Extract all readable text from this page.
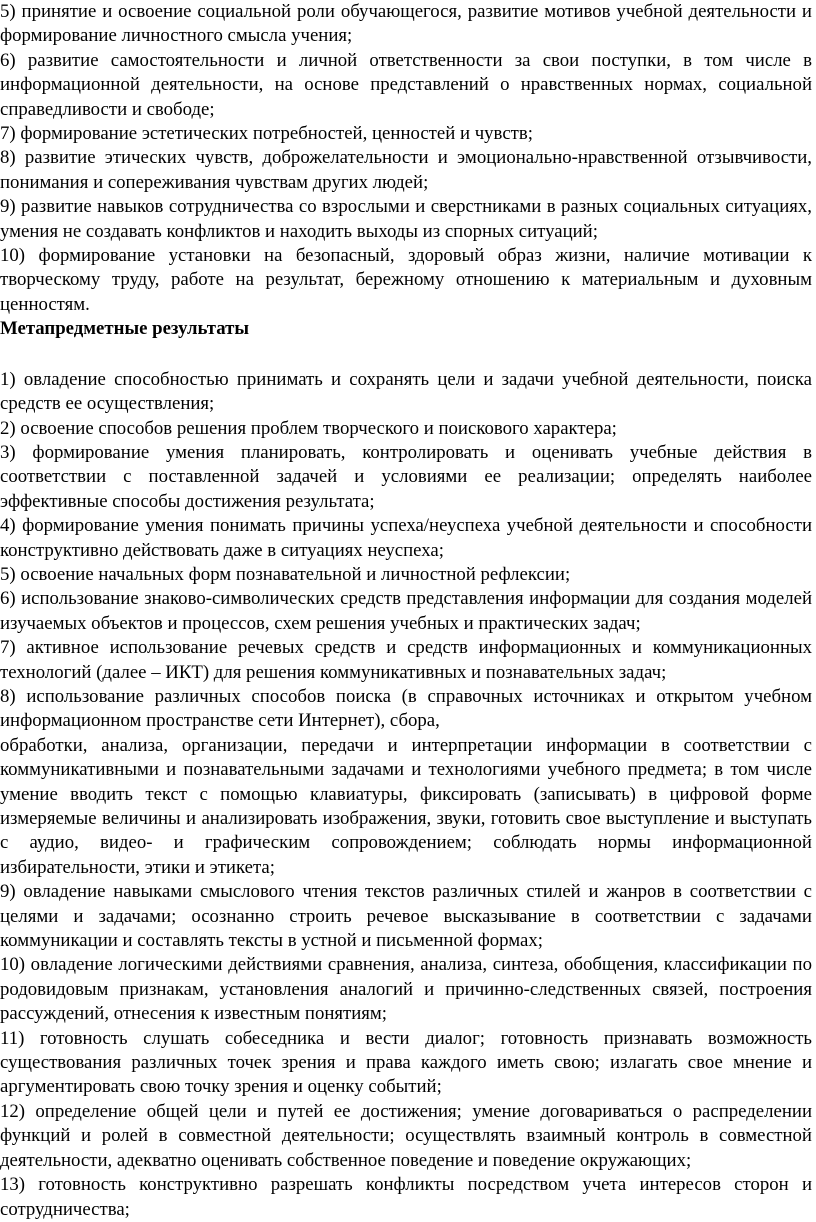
5) принятие и освоение социальной роли обучающегося, развитие мотивов учебной деятельности и формирование личностного смысла учения;

6) развитие самостоятельности и личной ответственности за свои поступки, в том числе в информационной деятельности, на основе представлений о нравственных нормах, социальной справедливости и свободе;

7) формирование эстетических потребностей, ценностей и чувств;

8) развитие этических чувств, доброжелательности и эмоционально-нравственной отзывчивости, понимания и сопереживания чувствам других людей;

9) развитие навыков сотрудничества со взрослыми и сверстниками в разных социальных ситуациях, умения не создавать конфликтов и находить выходы из спорных ситуаций;

10) формирование установки на безопасный, здоровый образ жизни, наличие мотивации к творческому труду, работе на результат, бережному отношению к материальным и духовным ценностям.

Метапредметные результаты

1) овладение способностью принимать и сохранять цели и задачи учебной деятельности, поиска средств ее осуществления;

2) освоение способов решения проблем творческого и поискового характера;

3) формирование умения планировать, контролировать и оценивать учебные действия в соответствии с поставленной задачей и условиями ее реализации; определять наиболее эффективные способы достижения результата;

4) формирование умения понимать причины успеха/неуспеха учебной деятельности и способности конструктивно действовать даже в ситуациях неуспеха;

5) освоение начальных форм познавательной и личностной рефлексии;

6) использование знаково-символических средств представления информации для создания моделей изучаемых объектов и процессов, схем решения учебных и практических задач;

7) активное использование речевых средств и средств информационных и коммуникационных технологий (далее – ИКТ) для решения коммуникативных и познавательных задач;

8) использование различных способов поиска (в справочных источниках и открытом учебном информационном пространстве сети Интернет), сбора,

обработки, анализа, организации, передачи и интерпретации информации в соответствии с коммуникативными и познавательными задачами и технологиями учебного предмета; в том числе умение вводить текст с помощью клавиатуры, фиксировать (записывать) в цифровой форме измеряемые величины и анализировать изображения, звуки, готовить свое выступление и выступать с аудио, видео- и графическим сопровождением; соблюдать нормы информационной избирательности, этики и этикета;

9) овладение навыками смыслового чтения текстов различных стилей и жанров в соответствии с целями и задачами; осознанно строить речевое высказывание в соответствии с задачами коммуникации и составлять тексты в устной и письменной формах;

10) овладение логическими действиями сравнения, анализа, синтеза, обобщения, классификации по родовидовым признакам, установления аналогий и причинно-следственных связей, построения рассуждений, отнесения к известным понятиям;

11) готовность слушать собеседника и вести диалог; готовность признавать возможность существования различных точек зрения и права каждого иметь свою; излагать свое мнение и аргументировать свою точку зрения и оценку событий;

12) определение общей цели и путей ее достижения; умение договариваться о распределении функций и ролей в совместной деятельности; осуществлять взаимный контроль в совместной деятельности, адекватно оценивать собственное поведение и поведение окружающих;

13) готовность конструктивно разрешать конфликты посредством учета интересов сторон и сотрудничества;
